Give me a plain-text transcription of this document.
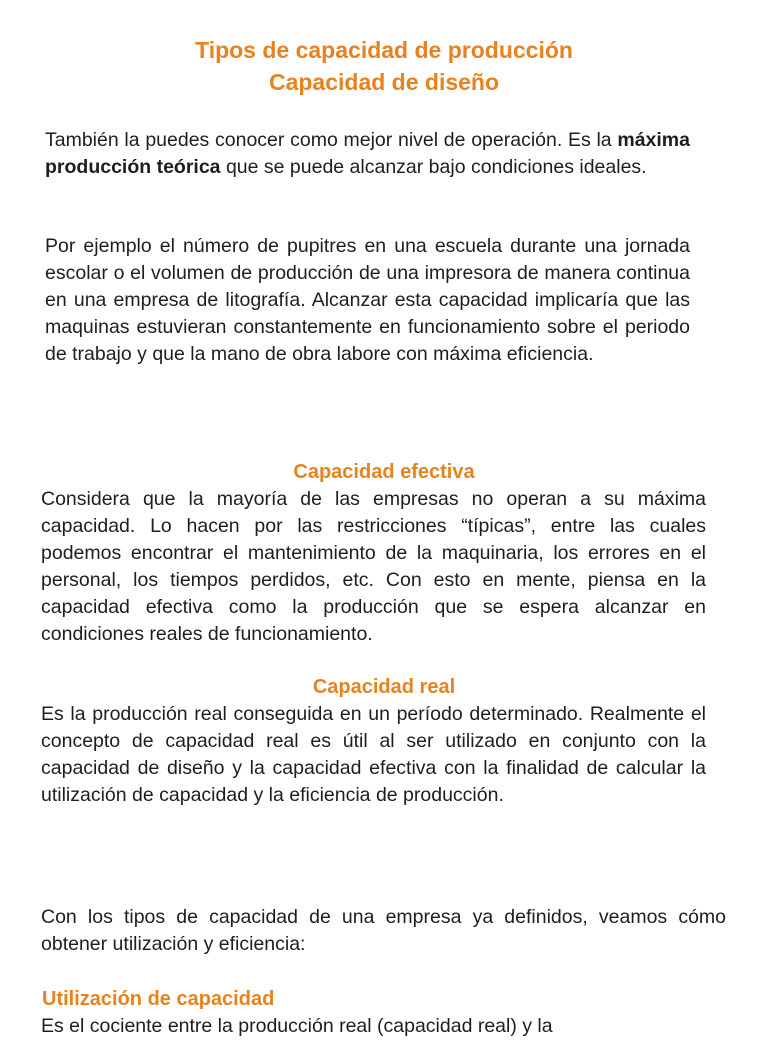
Tipos de capacidad de producción
Capacidad de diseño
También la puedes conocer como mejor nivel de operación. Es la máxima producción teórica que se puede alcanzar bajo condiciones ideales.
Por ejemplo el número de pupitres en una escuela durante una jornada escolar o el volumen de producción de una impresora de manera continua en una empresa de litografía. Alcanzar esta capacidad implicaría que las maquinas estuvieran constantemente en funcionamiento sobre el periodo de trabajo y que la mano de obra labore con máxima eficiencia.
Capacidad efectiva
Considera que la mayoría de las empresas no operan a su máxima capacidad. Lo hacen por las restricciones “típicas”, entre las cuales podemos encontrar el mantenimiento de la maquinaria, los errores en el personal, los tiempos perdidos, etc. Con esto en mente, piensa en la capacidad efectiva como la producción que se espera alcanzar en condiciones reales de funcionamiento.
Capacidad real
Es la producción real conseguida en un período determinado. Realmente el concepto de capacidad real es útil al ser utilizado en conjunto con la capacidad de diseño y la capacidad efectiva con la finalidad de calcular la utilización de capacidad y la eficiencia de producción.
Con los tipos de capacidad de una empresa ya definidos, veamos cómo obtener utilización y eficiencia:
Utilización de capacidad
Es el cociente entre la producción real (capacidad real) y la
